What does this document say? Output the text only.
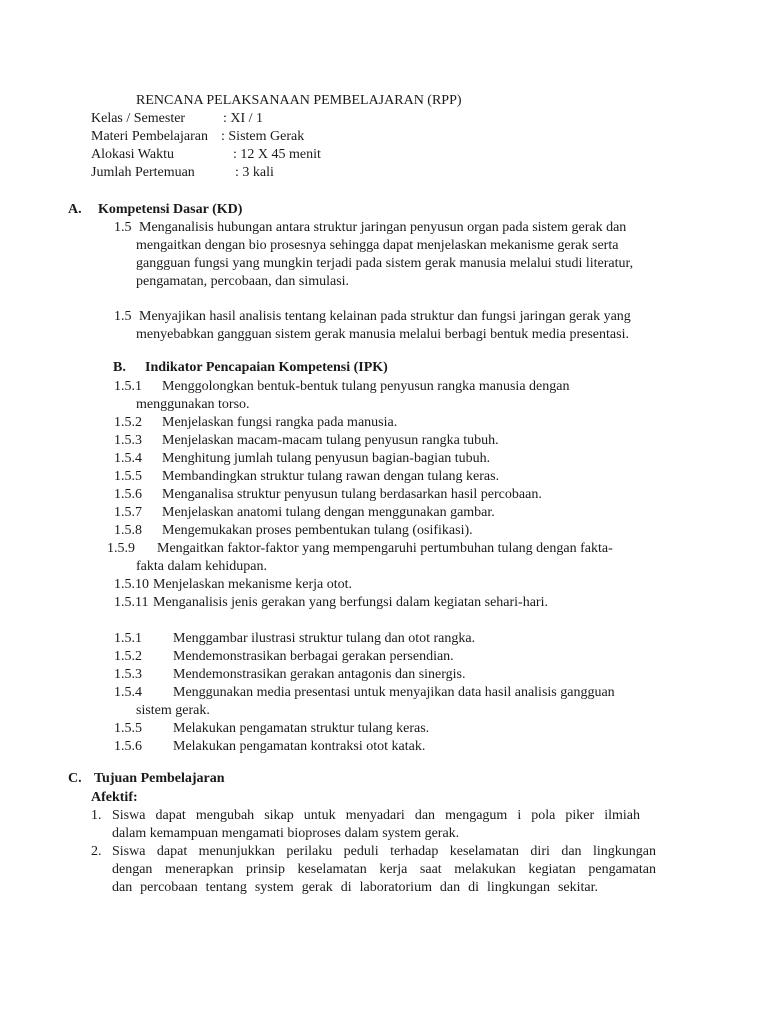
RENCANA PELAKSANAAN PEMBELAJARAN (RPP)
Kelas / Semester	: XI / 1
Materi Pembelajaran : Sistem Gerak
Alokasi Waktu	: 12 X 45 menit
Jumlah Pertemuan	: 3 kali
A. Kompetensi Dasar (KD)
1.5 Menganalisis hubungan antara struktur jaringan penyusun organ pada sistem gerak dan
mengaitkan dengan bio prosesnya sehingga dapat menjelaskan mekanisme gerak serta
gangguan fungsi yang mungkin terjadi pada sistem gerak manusia melalui studi literatur,
pengamatan, percobaan, dan simulasi.
1.5 Menyajikan hasil analisis tentang kelainan pada struktur dan fungsi jaringan gerak yang
menyebabkan gangguan sistem gerak manusia melalui berbagi bentuk media presentasi.
B. Indikator Pencapaian Kompetensi (IPK)
1.5.1 Menggolongkan bentuk-bentuk tulang penyusun rangka manusia dengan
menggunakan torso.
1.5.2 Menjelaskan fungsi rangka pada manusia.
1.5.3 Menjelaskan macam-macam tulang penyusun rangka tubuh.
1.5.4 Menghitung jumlah tulang penyusun bagian-bagian tubuh.
1.5.5 Membandingkan struktur tulang rawan dengan tulang keras.
1.5.6 Menganalisa struktur penyusun tulang berdasarkan hasil percobaan.
1.5.7 Menjelaskan anatomi tulang dengan menggunakan gambar.
1.5.8 Mengemukakan proses pembentukan tulang (osifikasi).
1.5.9 Mengaitkan faktor-faktor yang mempengaruhi pertumbuhan tulang dengan fakta-
fakta dalam kehidupan.
1.5.10 Menjelaskan mekanisme kerja otot.
1.5.11 Menganalisis jenis gerakan yang berfungsi dalam kegiatan sehari-hari.
1.5.1 Menggambar ilustrasi struktur tulang dan otot rangka.
1.5.2 Mendemonstrasikan berbagai gerakan persendian.
1.5.3 Mendemonstrasikan gerakan antagonis dan sinergis.
1.5.4 Menggunakan media presentasi untuk menyajikan data hasil analisis gangguan
sistem gerak.
1.5.5 Melakukan pengamatan struktur tulang keras.
1.5.6 Melakukan pengamatan kontraksi otot katak.
C. Tujuan Pembelajaran
Afektif:
1. Siswa dapat mengubah sikap untuk menyadari dan mengagum i pola piker ilmiah
dalam kemampuan mengamati bioproses dalam system gerak.
2. Siswa dapat menunjukkan perilaku peduli terhadap keselamatan diri dan lingkungan
dengan menerapkan prinsip keselamatan kerja saat melakukan kegiatan pengamatan
dan percobaan tentang system gerak di laboratorium dan di lingkungan sekitar.
